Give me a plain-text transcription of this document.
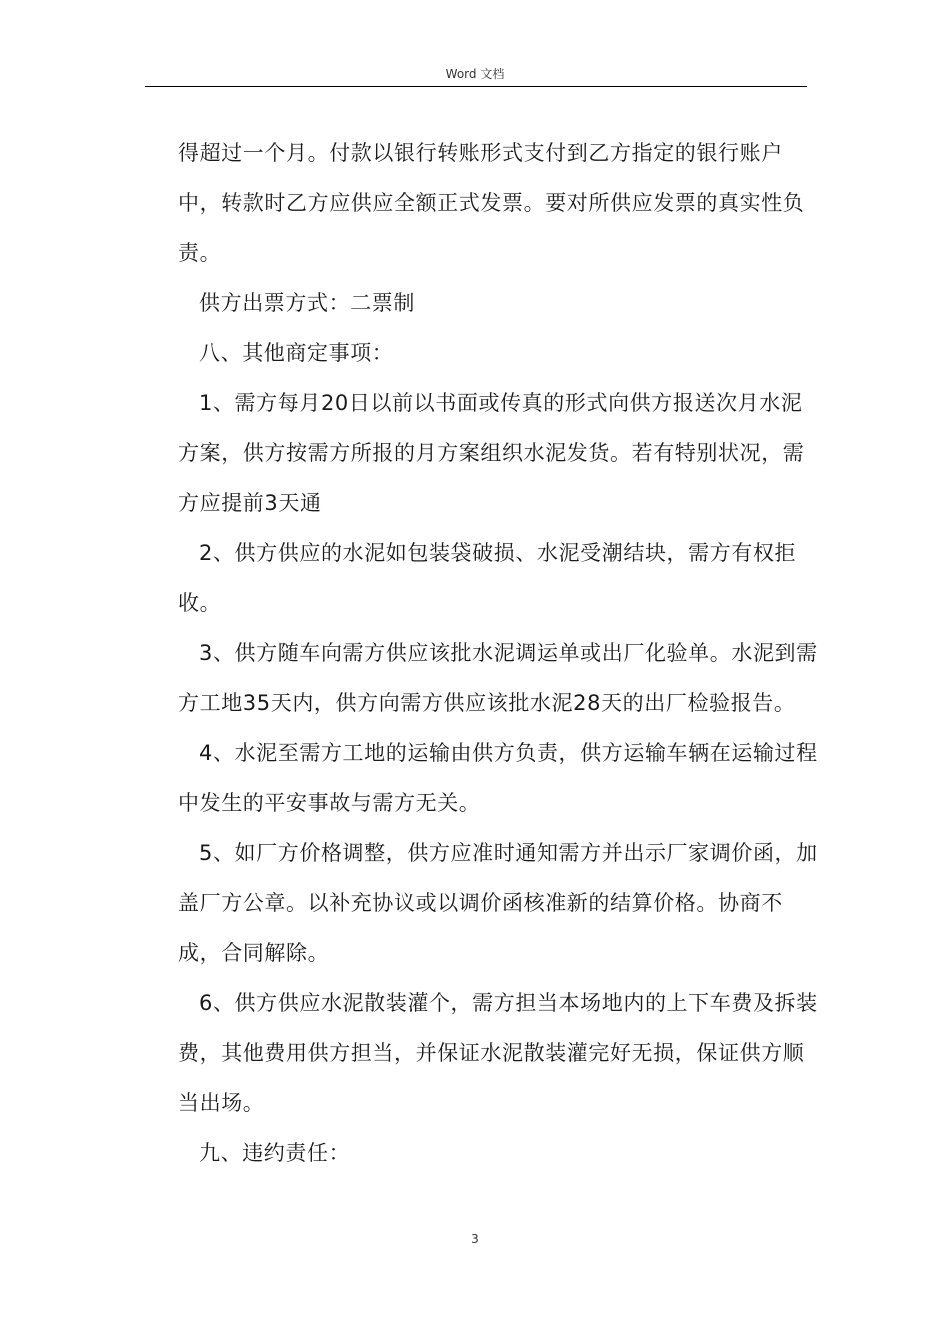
Word 文档

得超过一个月。付款以银行转账形式支付到乙方指定的银行账户中，转款时乙方应供应全额正式发票。要对所供应发票的真实性负责。

供方出票方式：二票制

八、其他商定事项：

1、需方每月20日以前以书面或传真的形式向供方报送次月水泥方案，供方按需方所报的月方案组织水泥发货。若有特别状况，需方应提前3天通

2、供方供应的水泥如包装袋破损、水泥受潮结块，需方有权拒收。

3、供方随车向需方供应该批水泥调运单或出厂化验单。水泥到需方工地35天内，供方向需方供应该批水泥28天的出厂检验报告。

4、水泥至需方工地的运输由供方负责，供方运输车辆在运输过程中发生的平安事故与需方无关。

5、如厂方价格调整，供方应准时通知需方并出示厂家调价函，加盖厂方公章。以补充协议或以调价函核准新的结算价格。协商不成，合同解除。

6、供方供应水泥散装灌个，需方担当本场地内的上下车费及拆装费，其他费用供方担当，并保证水泥散装灌完好无损，保证供方顺当出场。

九、违约责任：

3
